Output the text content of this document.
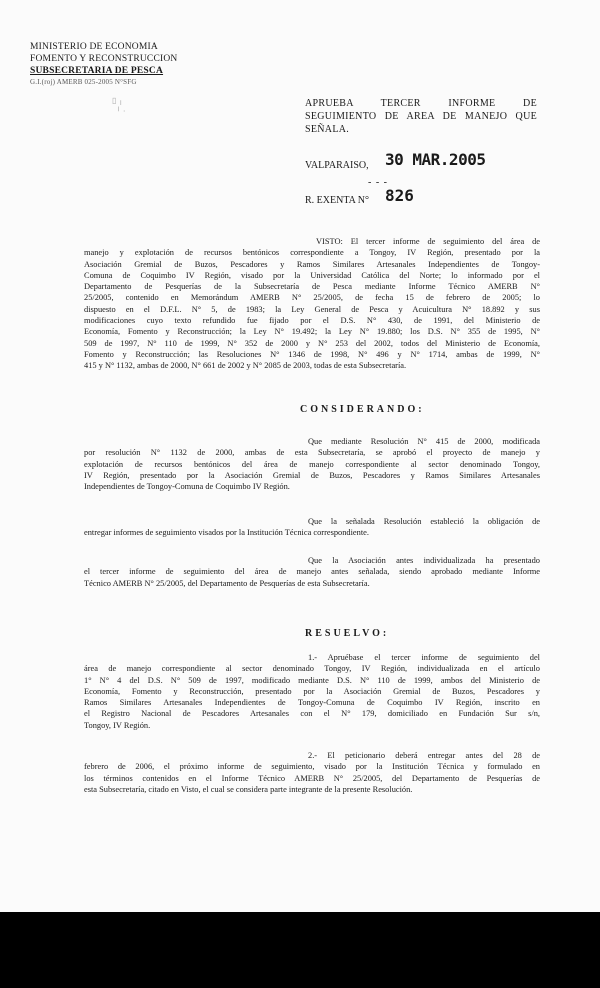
MINISTERIO DE ECONOMIA
FOMENTO Y RECONSTRUCCION
SUBSECRETARIA DE PESCA
G.I.(roj) AMERB 025-2005 N°SFG
▯ ╷
╵ ·
APRUEBA TERCER INFORME DE
SEGUIMIENTO DE AREA DE MANEJO QUE
SEÑALA.
VALPARAISO, 30 MAR.2005
- - -
R. EXENTA N° 826
VISTO: El tercer informe de seguimiento del área de
manejo y explotación de recursos bentónicos correspondiente a Tongoy, IV Región, presentado por la
Asociación Gremial de Buzos, Pescadores y Ramos Similares Artesanales Independientes de Tongoy-
Comuna de Coquimbo IV Región, visado por la Universidad Católica del Norte; lo informado por el
Departamento de Pesquerías de la Subsecretaría de Pesca mediante Informe Técnico AMERB N°
25/2005, contenido en Memorándum AMERB N° 25/2005, de fecha 15 de febrero de 2005; lo
dispuesto en el D.F.L. N° 5, de 1983; la Ley General de Pesca y Acuicultura N° 18.892 y sus
modificaciones cuyo texto refundido fue fijado por el D.S. N° 430, de 1991, del Ministerio de
Economía, Fomento y Reconstrucción; la Ley N° 19.492; la Ley N° 19.880; los D.S. N° 355 de 1995, N°
509 de 1997, N° 110 de 1999, N° 352 de 2000 y N° 253 del 2002, todos del Ministerio de Economía,
Fomento y Reconstrucción; las Resoluciones N° 1346 de 1998, N° 496 y N° 1714, ambas de 1999, N°
415 y N° 1132, ambas de 2000, N° 661 de 2002 y N° 2085 de 2003, todas de esta Subsecretaría.
CONSIDERANDO:
Que mediante Resolución N° 415 de 2000, modificada
por resolución N° 1132 de 2000, ambas de esta Subsecretaría, se aprobó el proyecto de manejo y
explotación de recursos bentónicos del área de manejo correspondiente al sector denominado Tongoy,
IV Región, presentado por la Asociación Gremial de Buzos, Pescadores y Ramos Similares Artesanales
Independientes de Tongoy-Comuna de Coquimbo IV Región.
Que la señalada Resolución estableció la obligación de
entregar informes de seguimiento visados por la Institución Técnica correspondiente.
Que la Asociación antes individualizada ha presentado
el tercer informe de seguimiento del área de manejo antes señalada, siendo aprobado mediante Informe
Técnico AMERB N° 25/2005, del Departamento de Pesquerías de esta Subsecretaría.
RESUELVO:
1.- Apruébase el tercer informe de seguimiento del
área de manejo correspondiente al sector denominado Tongoy, IV Región, individualizada en el artículo
1° N° 4 del D.S. N° 509 de 1997, modificado mediante D.S. N° 110 de 1999, ambos del Ministerio de
Economía, Fomento y Reconstrucción, presentado por la Asociación Gremial de Buzos, Pescadores y
Ramos Similares Artesanales Independientes de Tongoy-Comuna de Coquimbo IV Región, inscrito en
el Registro Nacional de Pescadores Artesanales con el N° 179, domiciliado en Fundación Sur s/n,
Tongoy, IV Región.
2.- El peticionario deberá entregar antes del 28 de
febrero de 2006, el próximo informe de seguimiento, visado por la Institución Técnica y formulado en
los términos contenidos en el Informe Técnico AMERB N° 25/2005, del Departamento de Pesquerías de
esta Subsecretaría, citado en Visto, el cual se considera parte integrante de la presente Resolución.
